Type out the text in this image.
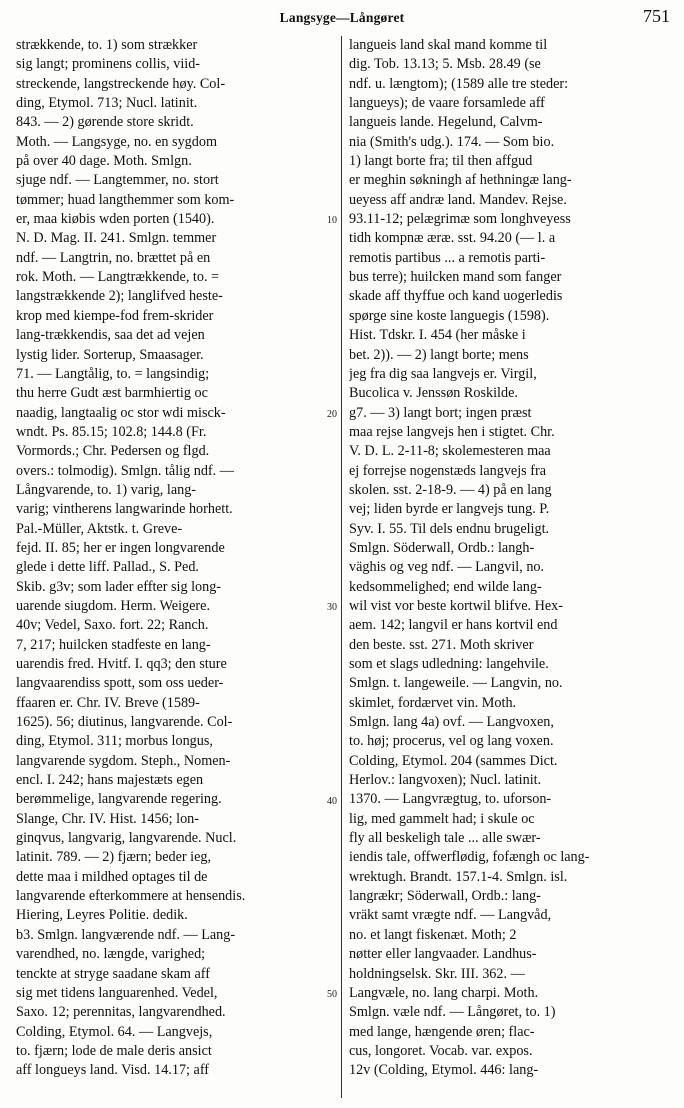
Langsyge—Långøret	751
strækkende, to. 1) som strækker
sig langt; prominens collis, viid-
streckende, langstreckende høy. Col-
ding, Etymol. 713; Nucl. latinit.
843. — 2) gørende store skridt.
Moth. — Langsyge, no. en sygdom
på over 40 dage. Moth. Smlgn.
sjuge ndf. — Langtemmer, no. stort
tømmer; huad langthemmer som kom-
er, maa kiøbis wden porten (1540).
N. D. Mag. II. 241. Smlgn. temmer
ndf. — Langtrin, no. brættet på en
rok. Moth. — Langtrækkende, to. =
langstrækkende 2); langlifved heste-
krop med kiempe-fod frem-skrider
lang-trækkendis, saa det ad vejen
lystig lider. Sorterup, Smaasager.
71. — Langtålig, to. = langsindig;
thu herre Gudt æst barmhiertig oc
naadig, langtaalig oc stor wdi misck-
wndt. Ps. 85.15; 102.8; 144.8 (Fr.
Vormords.; Chr. Pedersen og flgd.
overs.: tolmodig). Smlgn. tålig ndf. —
Långvarende, to. 1) varig, lang-
varig; vintherens langwarinde horhett.
Pal.-Müller, Aktstk. t. Greve-
fejd. II. 85; her er ingen longvarende
glede i dette liff. Pallad., S. Ped.
Skib. g3v; som lader effter sig long-
uarende siugdom. Herm. Weigere.
40v; Vedel, Saxo. fort. 22; Ranch.
7, 217; huilcken stadfeste en lang-
uarendis fred. Hvitf. I. qq3; den sture
langvaarendiss spott, som oss ueder-
ffaaren er. Chr. IV. Breve (1589-
1625). 56; diutinus, langvarende. Col-
ding, Etymol. 311; morbus longus,
langvarende sygdom. Steph., Nomen-
encl. I. 242; hans majestæts egen
berømmelige, langvarende regering.
Slange, Chr. IV. Hist. 1456; lon-
ginqvus, langvarig, langvarende. Nucl.
latinit. 789. — 2) fjærn; beder ieg,
dette maa i mildhed optages til de
langvarende efterkommere at hensendis.
Hiering, Leyres Politie. dedik.
b3. Smlgn. langværende ndf. — Lang-
varendhed, no. længde, varighed;
tenckte at stryge saadane skam aff
sig met tidens languarenhed. Vedel,
Saxo. 12; perennitas, langvarendhed.
Colding, Etymol. 64. — Langvejs,
to. fjærn; lode de male deris ansict
aff longueys land. Visd. 14.17; aff
langueis land skal mand komme til
dig. Tob. 13.13; 5. Msb. 28.49 (se
ndf. u. længtom); (1589 alle tre steder:
langueys); de vaare forsamlede aff
langueis lande. Hegelund, Calvm-
nia (Smith's udg.). 174. — Som bio.
1) langt borte fra; til then affgud
er meghin søkningh af hethningæ lang-
ueyess aff andræ land. Mandev. Rejse.
93.11-12; pelægrimæ som longhveyess
tidh kompnæ æræ. sst. 94.20 (— l. a
remotis partibus ... a remotis parti-
bus terre); huilcken mand som fanger
skade aff thyffue och kand uogerledis
spørge sine koste languegis (1598).
Hist. Tdskr. I. 454 (her måske i
bet. 2)). — 2) langt borte; mens
jeg fra dig saa langvejs er. Virgil,
Bucolica v. Jenssøn Roskilde.
g7. — 3) langt bort; ingen præst
maa rejse langvejs hen i stigtet. Chr.
V. D. L. 2-11-8; skolemesteren maa
ej forrejse nogenstæds langvejs fra
skolen. sst. 2-18-9. — 4) på en lang
vej; liden byrde er langvejs tung. P.
Syv. I. 55. Til dels endnu brugeligt.
Smlgn. Söderwall, Ordb.: langh-
väghis og veg ndf. — Langvil, no.
kedsommelighed; end wilde lang-
wil vist vor beste kortwil blifve. Hex-
aem. 142; langvil er hans kortvil end
den beste. sst. 271. Moth skriver
som et slags udledning: langehvile.
Smlgn. t. langeweile. — Langvin, no.
skimlet, fordærvet vin. Moth.
Smlgn. lang 4a) ovf. — Langvoxen,
to. høj; procerus, vel og lang voxen.
Colding, Etymol. 204 (sammes Dict.
Herlov.: langvoxen); Nucl. latinit.
1370. — Langvrægtug, to. uforson-
lig, med gammelt had; i skule oc
fly all beskeligh tale ... alle swær-
iendis tale, offwerflødig, fofængh oc lang-
wrektugh. Brandt. 157.1-4. Smlgn. isl.
langrækr; Söderwall, Ordb.: lang-
vräkt samt vrægte ndf. — Langvåd,
no. et langt fiskenæt. Moth; 2
nøtter eller langvaader. Landhus-
holdningselsk. Skr. III. 362. —
Langvæle, no. lang charpi. Moth.
Smlgn. væle ndf. — Långøret, to. 1)
med lange, hængende øren; flac-
cus, longoret. Vocab. var. expos.
12v (Colding, Etymol. 446: lang-
10
20
30
40
50
